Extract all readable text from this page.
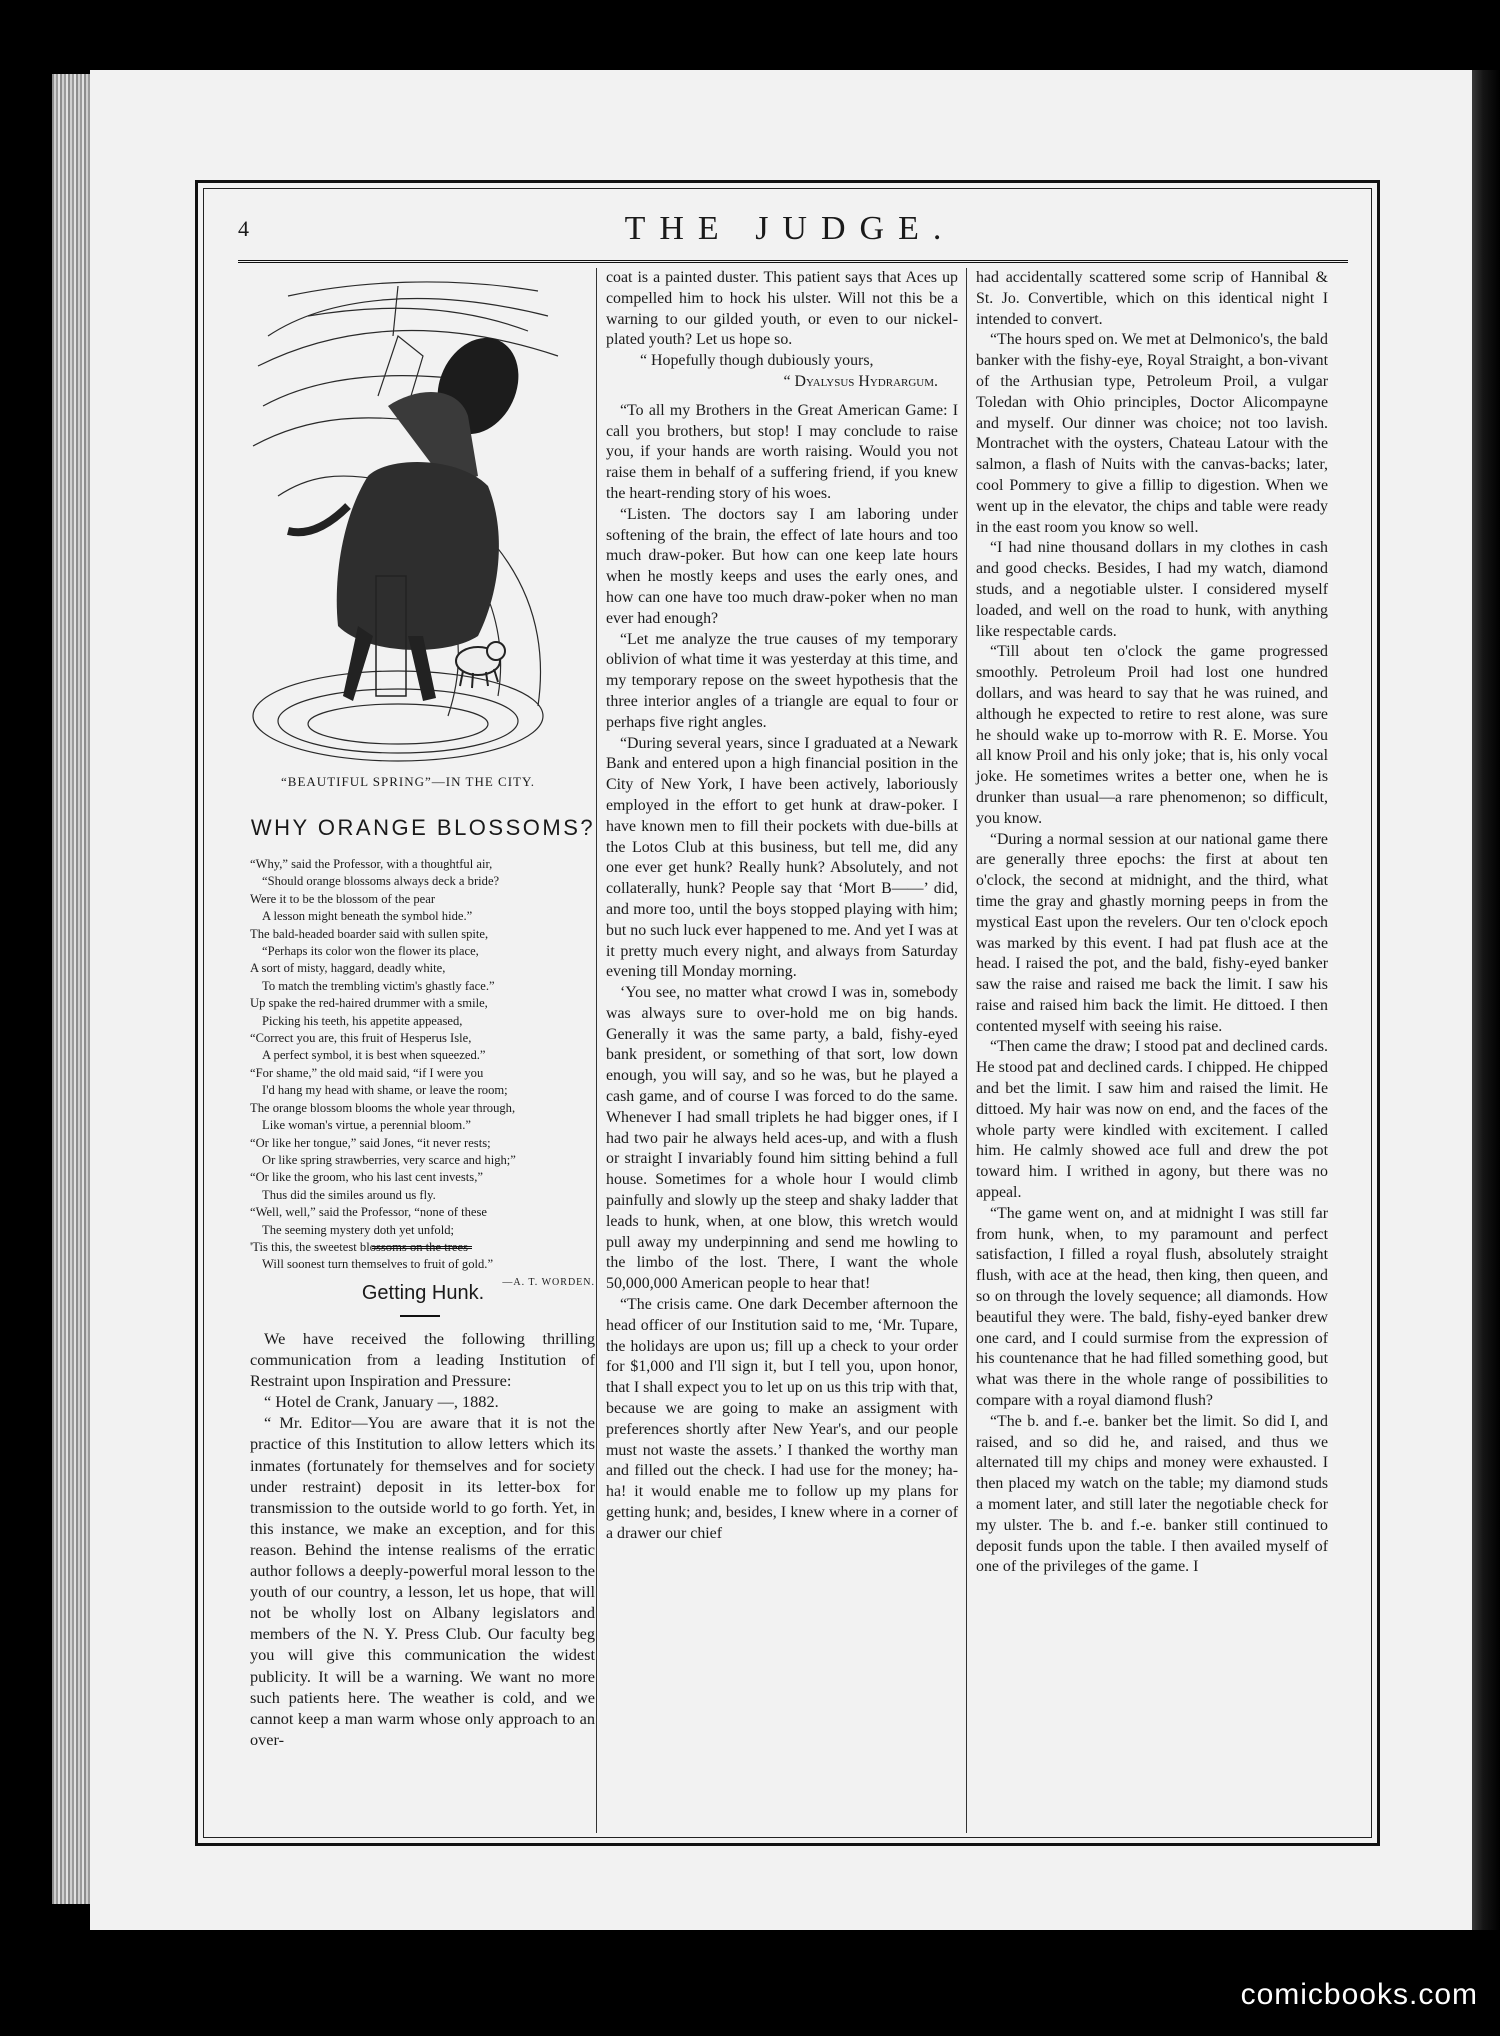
4	THE JUDGE.
“BEAUTIFUL SPRING”—IN THE CITY.
WHY ORANGE BLOSSOMS?
“Why,” said the Professor, with a thoughtful air,
“Should orange blossoms always deck a bride?
Were it to be the blossom of the pear
A lesson might beneath the symbol hide.”
The bald-headed boarder said with sullen spite,
“Perhaps its color won the flower its place,
A sort of misty, haggard, deadly white,
To match the trembling victim's ghastly face.”
Up spake the red-haired drummer with a smile,
Picking his teeth, his appetite appeased,
“Correct you are, this fruit of Hesperus Isle,
A perfect symbol, it is best when squeezed.”
“For shame,” the old maid said, “if I were you
I'd hang my head with shame, or leave the room;
The orange blossom blooms the whole year through,
Like woman's virtue, a perennial bloom.”
“Or like her tongue,” said Jones, “it never rests;
Or like spring strawberries, very scarce and high;”
“Or like the groom, who his last cent invests,”
Thus did the similes around us fly.
“Well, well,” said the Professor, “none of these
The seeming mystery doth yet unfold;
'Tis this, the sweetest blossoms on the trees
Will soonest turn themselves to fruit of gold.”
—A. T. WORDEN.
Getting Hunk.

We have received the following thrilling communication from a leading Institution of Restraint upon Inspiration and Pressure:

“ Hotel de Crank, January —, 1882.

“ Mr. Editor—You are aware that it is not the practice of this Institution to allow letters which its inmates (fortunately for themselves and for society under restraint) deposit in its letter-box for transmission to the outside world to go forth. Yet, in this instance, we make an exception, and for this reason. Behind the intense realisms of the erratic author follows a deeply-powerful moral lesson to the youth of our country, a lesson, let us hope, that will not be wholly lost on Albany legislators and members of the N. Y. Press Club. Our faculty beg you will give this communication the widest publicity. It will be a warning. We want no more such patients here. The weather is cold, and we cannot keep a man warm whose only approach to an over-

coat is a painted duster. This patient says that Aces up compelled him to hock his ulster. Will not this be a warning to our gilded youth, or even to our nickel-plated youth? Let us hope so.

“ Hopefully though dubiously yours,

“ Dyalysus Hydrargum.

“To all my Brothers in the Great American Game: I call you brothers, but stop! I may conclude to raise you, if your hands are worth raising. Would you not raise them in behalf of a suffering friend, if you knew the heart-rending story of his woes.

“Listen. The doctors say I am laboring under softening of the brain, the effect of late hours and too much draw-poker. But how can one keep late hours when he mostly keeps and uses the early ones, and how can one have too much draw-poker when no man ever had enough?

“Let me analyze the true causes of my temporary oblivion of what time it was yesterday at this time, and my temporary repose on the sweet hypothesis that the three interior angles of a triangle are equal to four or perhaps five right angles.

“During several years, since I graduated at a Newark Bank and entered upon a high financial position in the City of New York, I have been actively, laboriously employed in the effort to get hunk at draw-poker. I have known men to fill their pockets with due-bills at the Lotos Club at this business, but tell me, did any one ever get hunk? Really hunk? Absolutely, and not collaterally, hunk? People say that ‘Mort B——’ did, and more too, until the boys stopped playing with him; but no such luck ever happened to me. And yet I was at it pretty much every night, and always from Saturday evening till Monday morning.

‘You see, no matter what crowd I was in, somebody was always sure to over-hold me on big hands. Generally it was the same party, a bald, fishy-eyed bank president, or something of that sort, low down enough, you will say, and so he was, but he played a cash game, and of course I was forced to do the same. Whenever I had small triplets he had bigger ones, if I had two pair he always held aces-up, and with a flush or straight I invariably found him sitting behind a full house. Sometimes for a whole hour I would climb painfully and slowly up the steep and shaky ladder that leads to hunk, when, at one blow, this wretch would pull away my underpinning and send me howling to the limbo of the lost. There, I want the whole 50,000,000 American people to hear that!

“The crisis came. One dark December afternoon the head officer of our Institution said to me, ‘Mr. Tupare, the holidays are upon us; fill up a check to your order for $1,000 and I'll sign it, but I tell you, upon honor, that I shall expect you to let up on us this trip with that, because we are going to make an assigment with preferences shortly after New Year's, and our people must not waste the assets.’ I thanked the worthy man and filled out the check. I had use for the money; ha-ha! it would enable me to follow up my plans for getting hunk; and, besides, I knew where in a corner of a drawer our chief

had accidentally scattered some scrip of Hannibal & St. Jo. Convertible, which on this identical night I intended to convert.

“The hours sped on. We met at Delmonico's, the bald banker with the fishy-eye, Royal Straight, a bon-vivant of the Arthusian type, Petroleum Proil, a vulgar Toledan with Ohio principles, Doctor Alicompayne and myself. Our dinner was choice; not too lavish. Montrachet with the oysters, Chateau Latour with the salmon, a flash of Nuits with the canvas-backs; later, cool Pommery to give a fillip to digestion. When we went up in the elevator, the chips and table were ready in the east room you know so well.

“I had nine thousand dollars in my clothes in cash and good checks. Besides, I had my watch, diamond studs, and a negotiable ulster. I considered myself loaded, and well on the road to hunk, with anything like respectable cards.

“Till about ten o'clock the game progressed smoothly. Petroleum Proil had lost one hundred dollars, and was heard to say that he was ruined, and although he expected to retire to rest alone, was sure he should wake up to-morrow with R. E. Morse. You all know Proil and his only joke; that is, his only vocal joke. He sometimes writes a better one, when he is drunker than usual—a rare phenomenon; so difficult, you know.

“During a normal session at our national game there are generally three epochs: the first at about ten o'clock, the second at midnight, and the third, what time the gray and ghastly morning peeps in from the mystical East upon the revelers. Our ten o'clock epoch was marked by this event. I had pat flush ace at the head. I raised the pot, and the bald, fishy-eyed banker saw the raise and raised me back the limit. I saw his raise and raised him back the limit. He dittoed. I then contented myself with seeing his raise.

“Then came the draw; I stood pat and declined cards. He stood pat and declined cards. I chipped. He chipped and bet the limit. I saw him and raised the limit. He dittoed. My hair was now on end, and the faces of the whole party were kindled with excitement. I called him. He calmly showed ace full and drew the pot toward him. I writhed in agony, but there was no appeal.

“The game went on, and at midnight I was still far from hunk, when, to my paramount and perfect satisfaction, I filled a royal flush, absolutely straight flush, with ace at the head, then king, then queen, and so on through the lovely sequence; all diamonds. How beautiful they were. The bald, fishy-eyed banker drew one card, and I could surmise from the expression of his countenance that he had filled something good, but what was there in the whole range of possibilities to compare with a royal diamond flush?

“The b. and f.-e. banker bet the limit. So did I, and raised, and so did he, and raised, and thus we alternated till my chips and money were exhausted. I then placed my watch on the table; my diamond studs a moment later, and still later the negotiable check for my ulster. The b. and f.-e. banker still continued to deposit funds upon the table. I then availed myself of one of the privileges of the game. I

comicbooks.com
